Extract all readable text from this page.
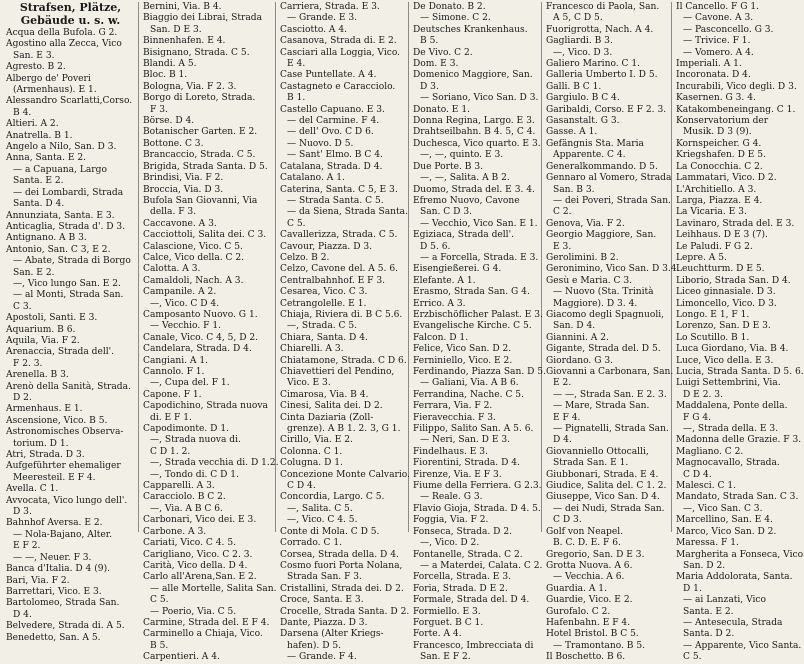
Strafsen, Plätze,
Gebäude u. s. w.
Acqua della Bufola. G 2.
Agostino alla Zecca, Vico
San. E 3.
Agresto. B 2.
Albergo de' Poveri
(Armenhaus). E 1.
Alessandro Scarlatti,Corso.
B 4.
Altieri. A 2.
Anatrella. B 1.
Angelo a Nilo, San. D 3.
Anna, Santa. E 2.
— a Capuana, Largo
Santa. E 2.
— dei Lombardi, Strada
Santa. D 4.
Annunziata, Santa. E 3.
Anticaglia, Strada d'. D 3.
Antignano. A B 3.
Antonio, San. C 3, E 2.
— Abate, Strada di Borgo
San. E 2.
—, Vico lungo San. E 2.
— al Monti, Strada San.
C 3.
Apostoli, Santi. E 3.
Aquarium. B 6.
Aquila, Via. F 2.
Arenaccia, Strada dell'.
F 2. 3.
Arenella. B 3.
Arenò della Sanità, Strada.
D 2.
Armenhaus. E 1.
Ascensione, Vico. B 5.
Astronomisches Observa-
torium. D 1.
Atri, Strada. D 3.
Aufgeführter ehemaliger
Meeresteil. E F 4.
Avella. C 1.
Avvocata, Vico lungo dell'.
D 3.
Bahnhof Aversa. E 2.
— Nola-Bajano, Alter.
E F 2.
— —, Neuer. F 3.
Banca d'Italia. D 4 (9).
Bari, Via. F 2.
Barrettari, Vico. E 3.
Bartolomeo, Strada San.
D 4.
Belvedere, Strada di. A 5.
Benedetto, San. A 5.
Bernini, Via. B 4.
Biaggio dei Librai, Strada
San. D E 3.
Binnenhafen. E 4.
Bisignano, Strada. C 5.
Blandi. A 5.
Bloc. B 1.
Bologna, Via. F 2. 3.
Borgo di Loreto, Strada.
F 3.
Börse. D 4.
Botanischer Garten. E 2.
Bottone. C 3.
Brancaccio, Strada. C 5.
Brigida, Strada Santa. D 5.
Brindisi, Via. F 2.
Broccia, Via. D 3.
Bufola San Giovanni, Via
della. F 3.
Caccavone. A 3.
Cacciottoli, Salita dei. C 3.
Calascione, Vico. C 5.
Calce, Vico della. C 2.
Calotta. A 3.
Camaldoli, Nach. A 3.
Campanile. A 2.
—, Vico. C D 4.
Camposanto Nuovo. G 1.
— Vecchio. F 1.
Canale, Vico. C 4, 5, D 2.
Candelara, Strada. D 4.
Cangiani. A 1.
Cannolo. F 1.
—, Cupa del. F 1.
Capone. F 1.
Capodichino, Strada nuova
di. E F 1.
Capodimonte. D 1.
—, Strada nuova di.
C D 1. 2.
—, Strada vecchia di. D 1.2.
—, Tondo di. C D 1.
Capparelli. A 3.
Caracciolo. B C 2.
—, Via. A B C 6.
Carbonari, Vico dei. E 3.
Carbone. A 3.
Cariati, Vico. C 4. 5.
Carigliano, Vico. C 2. 3.
Carità, Vico della. D 4.
Carlo all'Arena,San. E 2.
— alle Mortelle, Salita San.
C 5.
— Poerio, Via. C 5.
Carmine, Strada del. E F 4.
Carminello a Chiaja, Vico.
B 5.
Carpentieri. A 4.
Carriera, Strada. E 3.
— Grande. E 3.
Casciotto. A 4.
Casanova, Strada di. E 2.
Casciari alla Loggia, Vico.
E 4.
Case Puntellate. A 4.
Castagneto e Caracciolo.
B 1.
Castello Capuano. E 3.
— del Carmine. F 4.
— dell' Ovo. C D 6.
— Nuovo. D 5.
— Sant' Elmo. B C 4.
Catalana, Strada. D 4.
Catalano. A 1.
Caterina, Santa. C 5, E 3.
— Strada Santa. C 5.
— da Siena, Strada Santa.
C 5.
Cavallerizza, Strada. C 5.
Cavour, Piazza. D 3.
Celzo. B 2.
Celzo, Cavone del. A 5. 6.
Centralbahnhof. E F 3.
Cesarea, Vico. C 3.
Cetrangolelle. E 1.
Chiaja, Riviera di. B C 5.6.
—, Strada. C 5.
Chiara, Santa. D 4.
Chiarelli. A 3.
Chiatamone, Strada. C D 6.
Chiavettieri del Pendino,
Vico. E 3.
Cimarosa, Via. B 4.
Cinesi, Salita dei. D 2.
Cinta Daziaria (Zoll-
grenze). A B 1. 2. 3, G 1.
Cirillo, Via. E 2.
Colonna. C 1.
Colugna. D 1.
Concezione Monte Calvario.
C D 4.
Concordia, Largo. C 5.
—, Salita. C 5.
—, Vico. C 4. 5.
Conte di Mola. C D 5.
Corrado. C 1.
Corsea, Strada della. D 4.
Cosmo fuori Porta Nolana,
Strada San. F 3.
Cristallini, Strada dei. D 2.
Croce, Santa. E 3.
Crocelle, Strada Santa. D 2.
Dante, Piazza. D 3.
Darsena (Alter Kriegs-
hafen). D 5.
— Grande. F 4.
De Donato. B 2.
— Simone. C 2.
Deutsches Krankenhaus.
B 5.
De Vivo. C 2.
Dom. E 3.
Domenico Maggiore, San.
D 3.
— Soriano, Vico San. D 3.
Donato. E 1.
Donna Regina, Largo. E 3.
Drahtseilbahn. B 4. 5, C 4.
Duchesca, Vico quarto. E 3.
—, —, quinto. E 3.
Due Porte. B 3.
—, —, Salita. A B 2.
Duomo, Strada del. E 3. 4.
Efremo Nuovo, Cavone
San. C D 3.
— Vecchio, Vico San. E 1.
Egiziaca, Strada dell'.
D 5. 6.
— a Forcella, Strada. E 3.
Eisengießerei. G 4.
Elefante. A 1.
Erasmo, Strada San. G 4.
Errico. A 3.
Erzbischöflicher Palast. E 3.
Evangelische Kirche. C 5.
Falcon. D 1.
Felice, Vico San. D 2.
Ferniniello, Vico. E 2.
Ferdinando, Piazza San. D 5.
— Galiani, Via. A B 6.
Ferrandina, Nache. C 5.
Ferrara, Via. F 2.
Fieravecchia. F 3.
Filippo, Salito San. A 5. 6.
— Neri, San. D E 3.
Findelhaus. E 3.
Fiorentini, Strada. D 4.
Firenze, Via. E F 3.
Fiume della Ferriera. G 2.3.
— Reale. G 3.
Flavio Gioja, Strada. D 4. 5.
Foggia, Via. F 2.
Fonseca, Strada. D 2.
—, Vico. D 2.
Fontanelle, Strada. C 2.
— a Materdei, Calata. C 2.
Forcella, Strada. E 3.
Foria, Strada. D E 2.
Formale, Strada del. D 4.
Formiello. E 3.
Forguet. B C 1.
Forte. A 4.
Francesco, Imbrecciata di
San. E F 2.
Francesco di Paola, San.
A 5, C D 5.
Fuorigrotta, Nach. A 4.
Gagliardi. B 3.
—, Vico. D 3.
Galiero Marino. C 1.
Galleria Umberto I. D 5.
Galli. B C 1.
Gargiulo. B C 4.
Garibaldi, Corso. E F 2. 3.
Gasanstalt. G 3.
Gasse. A 1.
Gefängnis Sta. Maria
Apparente. C 4.
Generalkommando. D 5.
Gennaro al Vomero, Strada
San. B 3.
— dei Poveri, Strada San.
C 2.
Genova, Via. F 2.
Georgio Maggiore, San.
E 3.
Gerolimini. B 2.
Geronimino, Vico San. D 3.4.
Gesù e Maria. C 3.
— Nuovo (Sta. Trinità
Maggiore). D 3. 4.
Giacomo degli Spagnuoli,
San. D 4.
Giannini. A 2.
Gigante, Strada del. D 5.
Giordano. G 3.
Giovanni a Carbonara, San.
E 2.
— —, Strada San. E 2. 3.
— Mare, Strada San.
E F 4.
— Pignatelli, Strada San.
D 4.
Giovanniello Ottocalli,
Strada San. E 1.
Giubbonari, Strada. E 4.
Giudice, Salita del. C 1. 2.
Giuseppe, Vico San. D 4.
— dei Nudi, Strada San.
C D 3.
Golf von Neapel.
B. C. D. E. F 6.
Gregorio, San. D E 3.
Grotta Nuova. A 6.
— Vecchia. A 6.
Guardia. A 1.
Guardie, Vico. E 2.
Gurofalo. C 2.
Hafenbahn. E F 4.
Hotel Bristol. B C 5.
— Tramontano. B 5.
Il Boschetto. B 6.
Il Cancello. F G 1.
— Cavone. A 3.
— Pasconcello. G 3.
— Trivice. F 1.
— Vomero. A 4.
Imperiali. A 1.
Incoronata. D 4.
Incurabili, Vico degli. D 3.
Kasernen. G 3. 4.
Katakombeneingang. C 1.
Konservatorium der
Musik. D 3 (9).
Kornspeicher. G 4.
Kriegshafen. D E 5.
La Conocchia. C 2.
Lammatari, Vico. D 2.
L'Architiello. A 3.
Larga, Piazza. E 4.
La Vicaria. E 3.
Lavinaro, Strada del. E 3.
Leihhaus. D E 3 (7).
Le Paludi. F G 2.
Lepre. A 5.
Leuchtturm. D E 5.
Liborio, Strada San. D 4.
Liceo ginnasiale. D 3.
Limoncello, Vico. D 3.
Longo. E 1, F 1.
Lorenzo, San. D E 3.
Lo Scutillo. B 1.
Luca Giordano, Via. B 4.
Luce, Vico della. E 3.
Lucia, Strada Santa. D 5. 6.
Luigi Settembrini, Via.
D E 2. 3.
Maddalena, Ponte della.
F G 4.
—, Strada della. E 3.
Madonna delle Grazie. F 3.
Magliano. C 2.
Magnocavallo, Strada.
C D 4.
Malesci. C 1.
Mandato, Strada San. C 3.
—, Vico San. C 3.
Marcellino, San. E 4.
Marco, Vico San. D 2.
Maressa. F 1.
Margherita a Fonseca, Vico
San. D 2.
Maria Addolorata, Santa.
D 1.
— ai Lanzati, Vico
Santa. E 2.
— Antesecula, Strada
Santa. D 2.
— Apparente, Vico Santa.
C 5.
